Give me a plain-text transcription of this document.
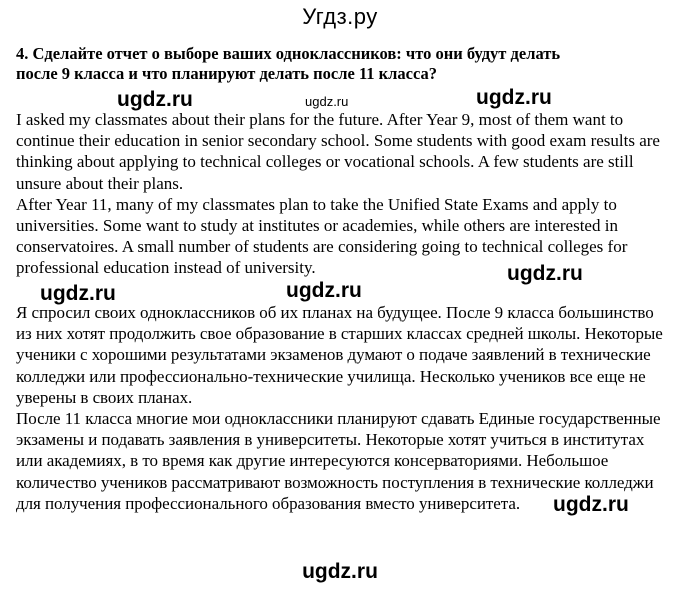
Угдз.ру
4. Сделайте отчет о выборе ваших одноклассников: что они будут делать
после 9 класса и что планируют делать после 11 класса?

I asked my classmates about their plans for the future. After Year 9, most of them want to continue their education in senior secondary school. Some students with good exam results are thinking about applying to technical colleges or vocational schools. A few students are still unsure about their plans.

After Year 11, many of my classmates plan to take the Unified State Exams and apply to universities. Some want to study at institutes or academies, while others are interested in conservatoires. A small number of students are considering going to technical colleges for professional education instead of university.

Я спросил своих одноклассников об их планах на будущее. После 9 класса большинство из них хотят продолжить свое образование в старших классах средней школы. Некоторые ученики с хорошими результатами экзаменов думают о подаче заявлений в технические колледжи или профессионально-технические училища. Несколько учеников все еще не уверены в своих планах.

После 11 класса многие мои одноклассники планируют сдавать Единые государственные экзамены и подавать заявления в университеты. Некоторые хотят учиться в институтах или академиях, в то время как другие интересуются консерваториями. Небольшое количество учеников рассматривают возможность поступления в технические колледжи для получения профессионального образования вместо университета.

ugdz.ru	ugdz.ru	ugdz.ru
ugdz.ru
ugdz.ru	ugdz.ru
ugdz.ru
ugdz.ru
